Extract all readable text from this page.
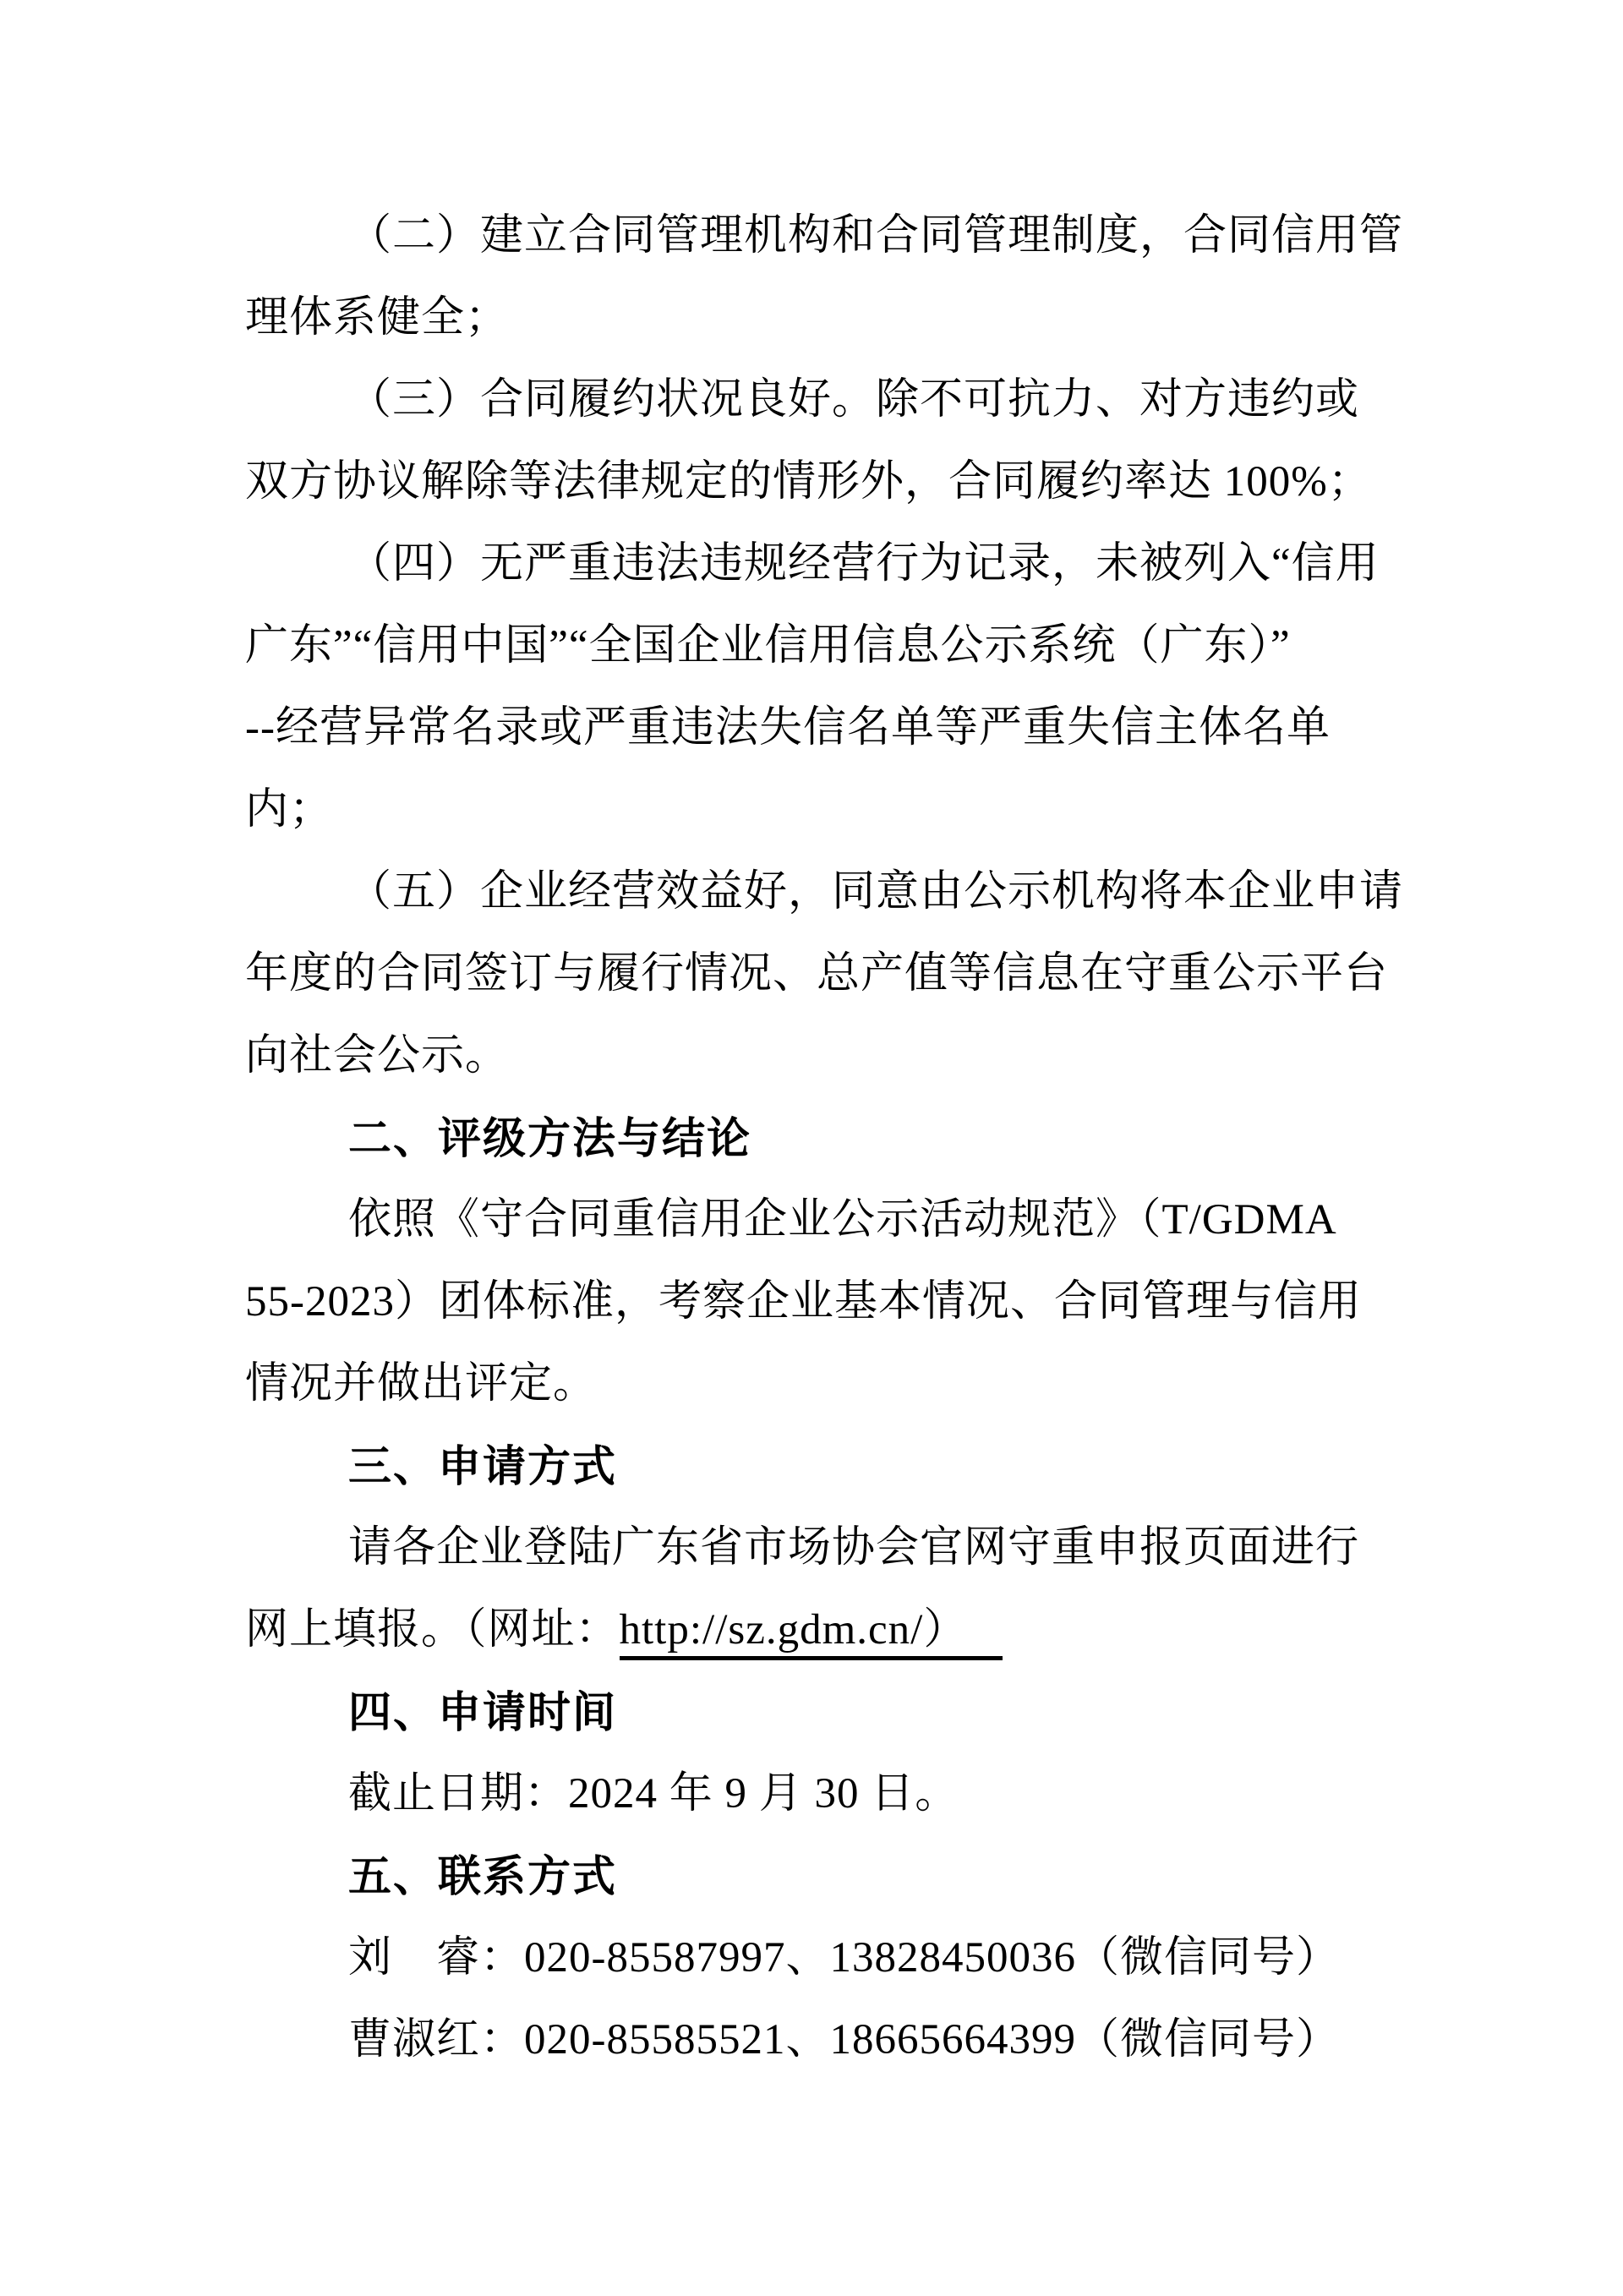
（二）建立合同管理机构和合同管理制度，合同信用管
理体系健全；
（三）合同履约状况良好。除不可抗力、对方违约或
双方协议解除等法律规定的情形外，合同履约率达 100%；
（四）无严重违法违规经营行为记录，未被列入“信用
广东”“信用中国”“全国企业信用信息公示系统（广东）”
--经营异常名录或严重违法失信名单等严重失信主体名单
内；
（五）企业经营效益好，同意由公示机构将本企业申请
年度的合同签订与履行情况、总产值等信息在守重公示平台
向社会公示。
二、评级方法与结论
依照《守合同重信用企业公示活动规范》（T/GDMA
55-2023）团体标准，考察企业基本情况、合同管理与信用
情况并做出评定。
三、申请方式
请各企业登陆广东省市场协会官网守重申报页面进行
网上填报。（网址：http://sz.gdm.cn/）
四、申请时间
截止日期：2024 年 9 月 30 日。
五、联系方式
刘　睿：020-85587997、13828450036（微信同号）
曹淑红：020-85585521、18665664399（微信同号）
